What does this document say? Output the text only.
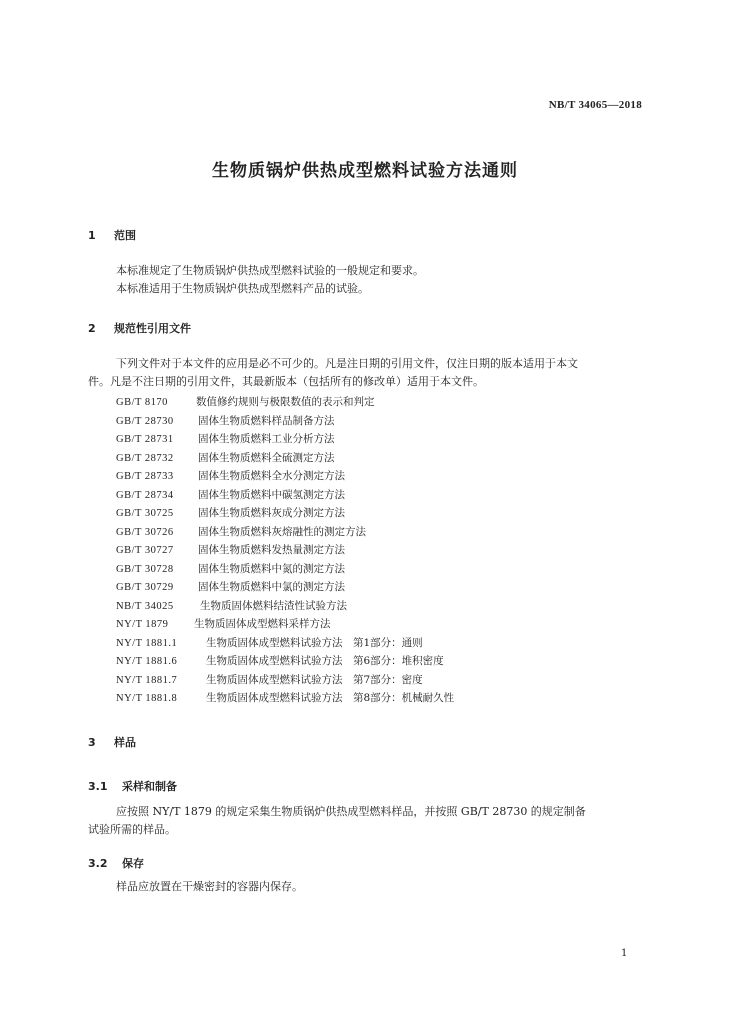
NB/T 34065—2018
生物质锅炉供热成型燃料试验方法通则
1 范围
本标准规定了生物质锅炉供热成型燃料试验的一般规定和要求。
本标准适用于生物质锅炉供热成型燃料产品的试验。
2 规范性引用文件
下列文件对于本文件的应用是必不可少的。凡是注日期的引用文件，仅注日期的版本适用于本文
件。凡是不注日期的引用文件，其最新版本（包括所有的修改单）适用于本文件。
GB/T 8170	数值修约规则与极限数值的表示和判定
GB/T 28730 固体生物质燃料样品制备方法
GB/T 28731 固体生物质燃料工业分析方法
GB/T 28732 固体生物质燃料全硫测定方法
GB/T 28733 固体生物质燃料全水分测定方法
GB/T 28734 固体生物质燃料中碳氢测定方法
GB/T 30725 固体生物质燃料灰成分测定方法
GB/T 30726 固体生物质燃料灰熔融性的测定方法
GB/T 30727 固体生物质燃料发热量测定方法
GB/T 30728 固体生物质燃料中氮的测定方法
GB/T 30729 固体生物质燃料中氯的测定方法
NB/T 34025	生物质固体燃料结渣性试验方法
NY/T 1879 生物质固体成型燃料采样方法
NY/T 1881.1	生物质固体成型燃料试验方法　第1部分：通则
NY/T 1881.6	生物质固体成型燃料试验方法　第6部分：堆积密度
NY/T 1881.7	生物质固体成型燃料试验方法　第7部分：密度
NY/T 1881.8	生物质固体成型燃料试验方法　第8部分：机械耐久性
3 样品
3.1 采样和制备
应按照 NY/T 1879 的规定采集生物质锅炉供热成型燃料样品，并按照 GB/T 28730 的规定制备
试验所需的样品。
3.2 保存
样品应放置在干燥密封的容器内保存。
1
